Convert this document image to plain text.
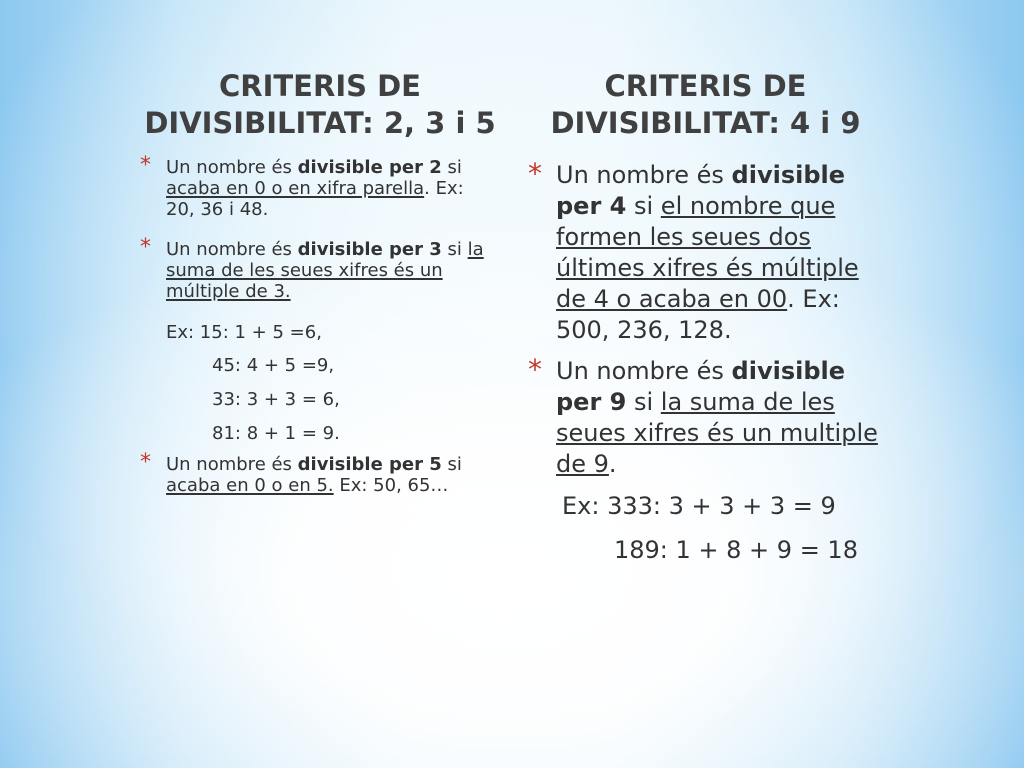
CRITERIS DE
DIVISIBILITAT: 2, 3 i 5
* Un nombre és divisible per 2 si acaba en 0 o en xifra parella. Ex: 20, 36 i 48.

* Un nombre és divisible per 3 si la suma de les seues xifres és un múltiple de 3.

Ex: 15: 1 + 5 =6,
45: 4 + 5 =9,
33: 3 + 3 = 6,
81: 8 + 1 = 9.
* Un nombre és divisible per 5 si acaba en 0 o en 5. Ex: 50, 65…

CRITERIS DE
DIVISIBILITAT: 4 i 9
* Un nombre és divisible per 4 si el nombre que formen les seues dos últimes xifres és múltiple de 4 o acaba en 00. Ex: 500, 236, 128.

* Un nombre és divisible per 9 si la suma de les seues xifres és un multiple de 9.

Ex: 333: 3 + 3 + 3 = 9
189: 1 + 8 + 9 = 18
